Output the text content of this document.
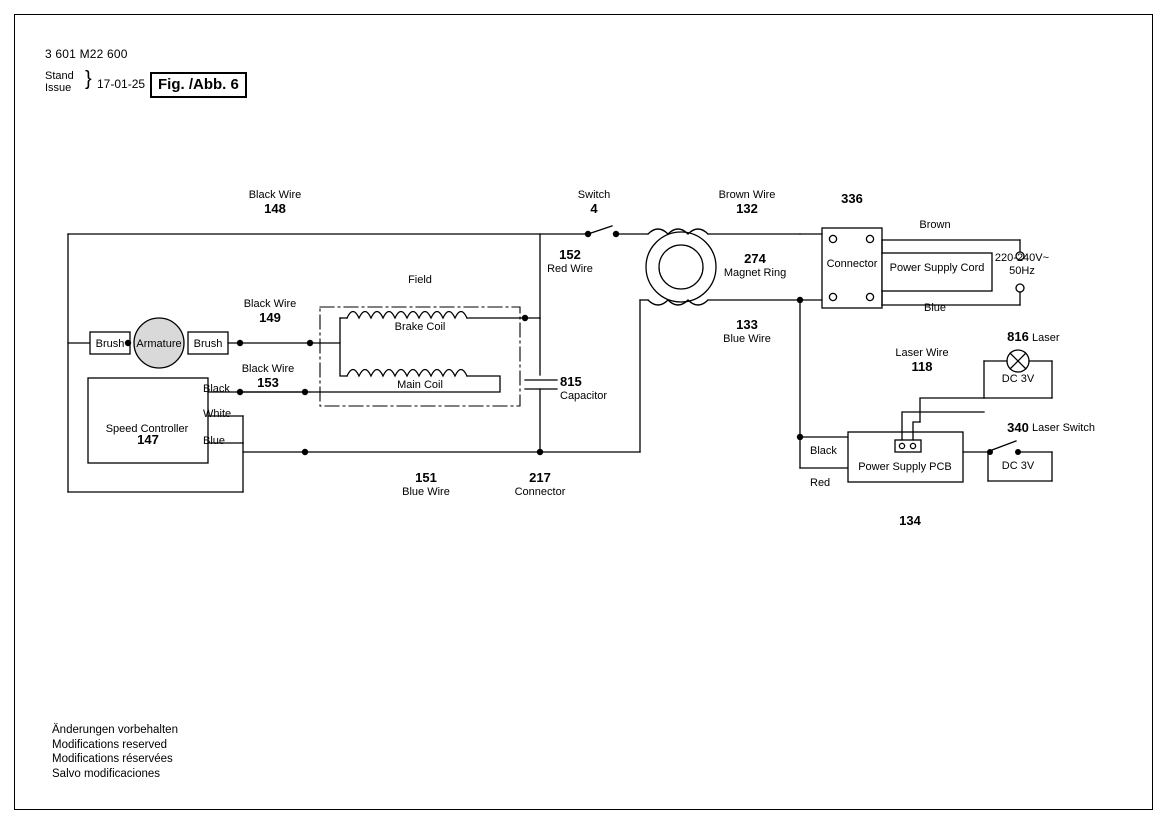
3 601 M22 600
Stand
Issue } 17-01-25 Fig. /Abb. 6
Änderungen vorbehalten
Modifications reserved
Modifications réservées
Salvo modificaciones
Brush	Brush
Armature
Brake Coil
Main Coil
Field
Connector Power Supply Cord
Power Supply PCB
DC 3V
DC 3V
Speed Controller
Black Wire
148
Black Wire
149
Black Wire
153
Switch
4
152
Red Wire
Brown Wire
132
336
274
Magnet Ring
133
Blue Wire
Brown
Blue
220-240V~
50Hz
815
Capacitor
147
Black
White
Blue
151
Blue Wire
217
Connector
Laser Wire
118
816 Laser
340 Laser Switch
Black
Red
134
